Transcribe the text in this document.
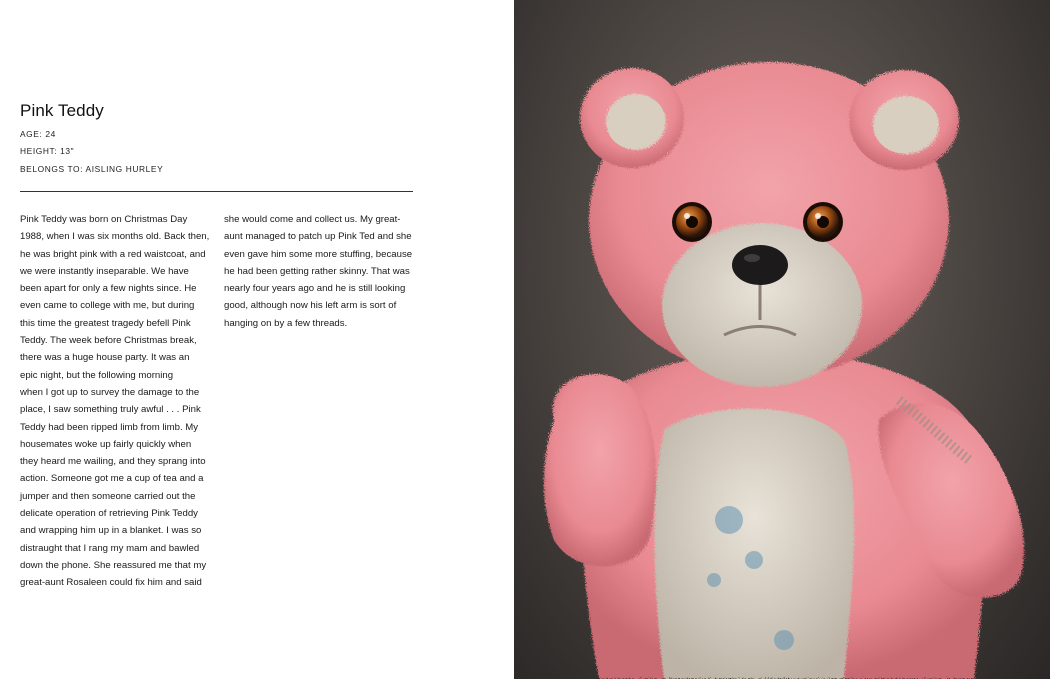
Pink Teddy
AGE: 24
HEIGHT: 13"
BELONGS TO: AISLING HURLEY
Pink Teddy was born on Christmas Day
1988, when I was six months old. Back then,
he was bright pink with a red waistcoat, and
we were instantly inseparable. We have
been apart for only a few nights since. He
even came to college with me, but during
this time the greatest tragedy befell Pink
Teddy. The week before Christmas break,
there was a huge house party. It was an
epic night, but the following morning
when I got up to survey the damage to the
place, I saw something truly awful . . . Pink
Teddy had been ripped limb from limb. My
housemates woke up fairly quickly when
they heard me wailing, and they sprang into
action. Someone got me a cup of tea and a
jumper and then someone carried out the
delicate operation of retrieving Pink Teddy
and wrapping him up in a blanket. I was so
distraught that I rang my mam and bawled
down the phone. She reassured me that my
great-aunt Rosaleen could fix him and said
she would come and collect us. My great-
aunt managed to patch up Pink Ted and she
even gave him some more stuffing, because
he had been getting rather skinny. That was
nearly four years ago and he is still looking
good, although now his left arm is sort of
hanging on by a few threads.
